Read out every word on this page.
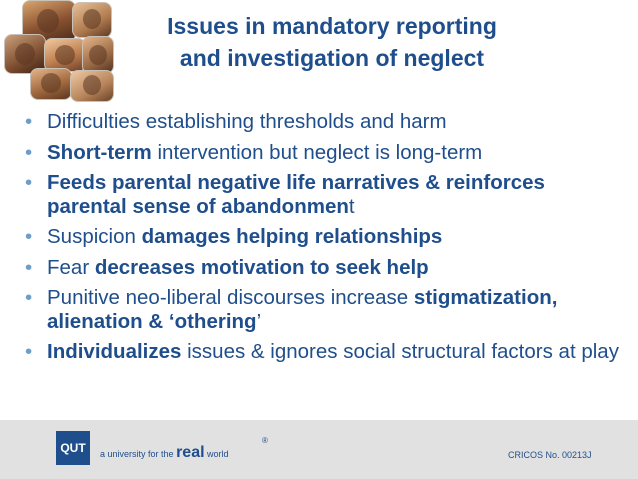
Issues in mandatory reporting
and investigation of neglect
• Difficulties establishing thresholds and harm
• Short-term intervention but neglect is long-term
• Feeds parental negative life narratives & reinforces parental sense of abandonment
• Suspicion damages helping relationships
• Fear decreases motivation to seek help
• Punitive neo-liberal discourses increase stigmatization, alienation & ‘othering’
• Individualizes issues & ignores social structural factors at play
QUT	a university for the real world
®
CRICOS No. 00213J
